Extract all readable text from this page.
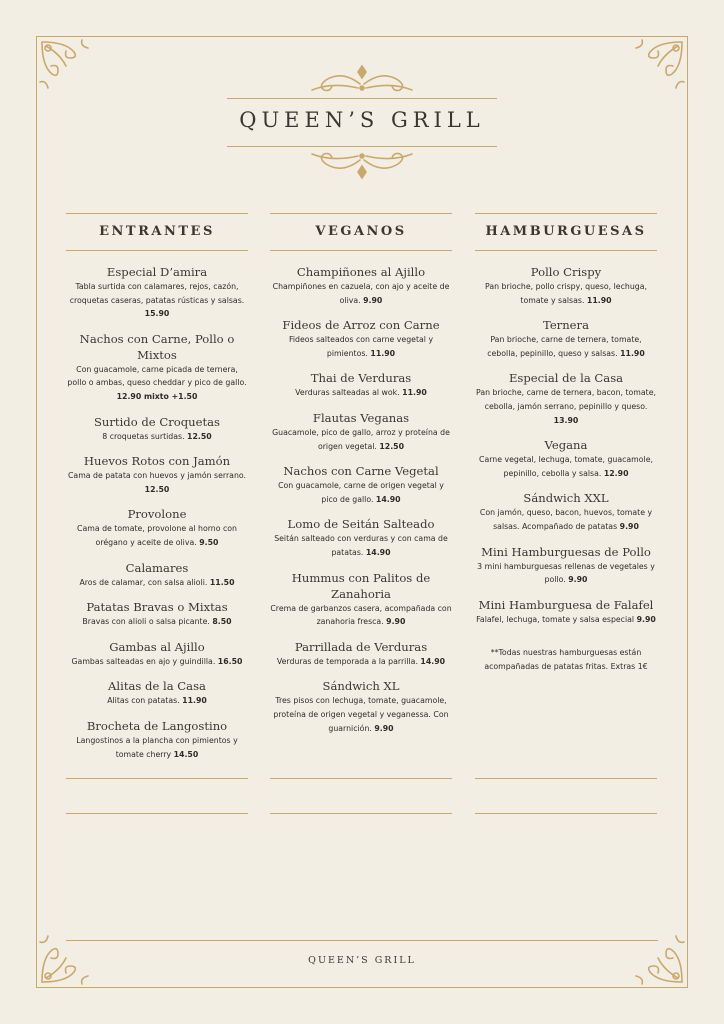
QUEEN’S GRILL
ENTRANTES
Especial D’amira
Tabla surtida con calamares, rejos, cazón, croquetas caseras, patatas rústicas y salsas. 15.90
Nachos con Carne, Pollo o Mixtos
Con guacamole, carne picada de ternera, pollo o ambas, queso cheddar y pico de gallo. 12.90 mixto +1.50
Surtido de Croquetas
8 croquetas surtidas. 12.50
Huevos Rotos con Jamón
Cama de patata con huevos y jamón serrano. 12.50
Provolone
Cama de tomate, provolone al horno con orégano y aceite de oliva. 9.50
Calamares
Aros de calamar, con salsa alioli. 11.50
Patatas Bravas o Mixtas
Bravas con alioli o salsa picante. 8.50
Gambas al Ajillo
Gambas salteadas en ajo y guindilla. 16.50
Alitas de la Casa
Alitas con patatas. 11.90
Brocheta de Langostino
Langostinos a la plancha con pimientos y tomate cherry 14.50
VEGANOS
Champiñones al Ajillo
Champiñones en cazuela, con ajo y aceite de oliva. 9.90
Fideos de Arroz con Carne
Fideos salteados con carne vegetal y pimientos. 11.90
Thai de Verduras
Verduras salteadas al wok. 11.90
Flautas Veganas
Guacamole, pico de gallo, arroz y proteína de origen vegetal. 12.50
Nachos con Carne Vegetal
Con guacamole, carne de origen vegetal y pico de gallo. 14.90
Lomo de Seitán Salteado
Seitán salteado con verduras y con cama de patatas. 14.90
Hummus con Palitos de Zanahoria
Crema de garbanzos casera, acompañada con zanahoria fresca. 9.90
Parrillada de Verduras
Verduras de temporada a la parrilla. 14.90
Sándwich XL
Tres pisos con lechuga, tomate, guacamole, proteína de origen vegetal y veganessa. Con guarnición. 9.90
HAMBURGUESAS
Pollo Crispy
Pan brioche, pollo crispy, queso, lechuga, tomate y salsas. 11.90
Ternera
Pan brioche, carne de ternera, tomate, cebolla, pepinillo, queso y salsas. 11.90
Especial de la Casa
Pan brioche, carne de ternera, bacon, tomate, cebolla, jamón serrano, pepinillo y queso. 13.90
Vegana
Carne vegetal, lechuga, tomate, guacamole, pepinillo, cebolla y salsa. 12.90
Sándwich XXL
Con jamón, queso, bacon, huevos, tomate y salsas. Acompañado de patatas 9.90
Mini Hamburguesas de Pollo
3 mini hamburguesas rellenas de vegetales y pollo. 9.90
Mini Hamburguesa de Falafel
Falafel, lechuga, tomate y salsa especial 9.90
**Todas nuestras hamburguesas están acompañadas de patatas fritas. Extras 1€
QUEEN’S GRILL
